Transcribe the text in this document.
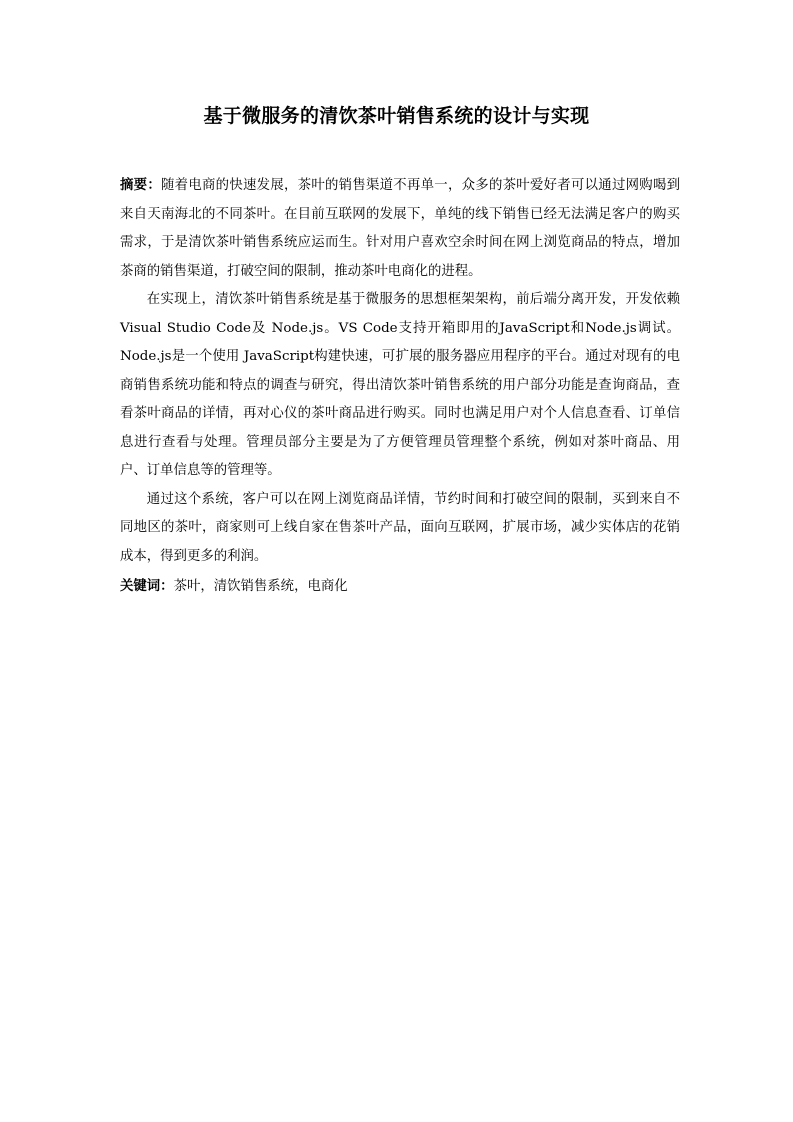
基于微服务的清饮茶叶销售系统的设计与实现

摘要：随着电商的快速发展，茶叶的销售渠道不再单一，众多的茶叶爱好者可以通过网购喝到来自天南海北的不同茶叶。在目前互联网的发展下，单纯的线下销售已经无法满足客户的购买需求，于是清饮茶叶销售系统应运而生。针对用户喜欢空余时间在网上浏览商品的特点，增加茶商的销售渠道，打破空间的限制，推动茶叶电商化的进程。

在实现上，清饮茶叶销售系统是基于微服务的思想框架架构，前后端分离开发，开发依赖Visual Studio Code及 Node.js。VS Code支持开箱即用的JavaScript和Node.js调试。Node.js是一个使用 JavaScript构建快速，可扩展的服务器应用程序的平台。通过对现有的电商销售系统功能和特点的调查与研究，得出清饮茶叶销售系统的用户部分功能是查询商品，查看茶叶商品的详情，再对心仪的茶叶商品进行购买。同时也满足用户对个人信息查看、订单信息进行查看与处理。管理员部分主要是为了方便管理员管理整个系统，例如对茶叶商品、用户、订单信息等的管理等。

通过这个系统，客户可以在网上浏览商品详情，节约时间和打破空间的限制，买到来自不同地区的茶叶，商家则可上线自家在售茶叶产品，面向互联网，扩展市场，减少实体店的花销成本，得到更多的利润。

关键词：茶叶，清饮销售系统，电商化
